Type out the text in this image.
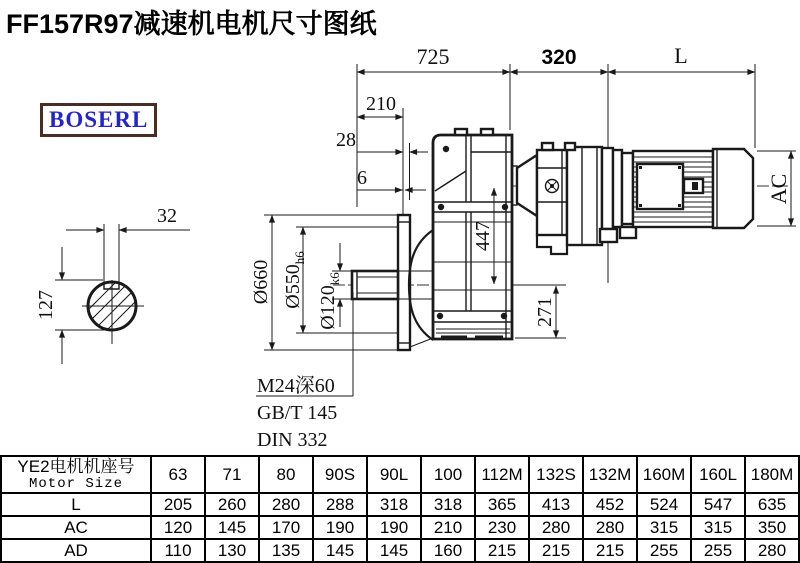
32
127
725	320	L
210
28
6
Ø660 $Ø550_{h6}$
$Ø120_{k6}$
447
271
AC
M24深60
GB/T 145
DIN 332
FF157R97减速机电机尺寸图纸
BOSERL
YE2电机机座号
Motor Size	63	71	80	90S	90L	100	112M	132S	132M	160M	160L	180M
L	205	260	280	288	318	318	365	413	452	524	547	635
AC	120	145	170	190	190	210	230	280	280	315	315	350
AD	110	130	135	145	145	160	215	215	215	255	255	280
